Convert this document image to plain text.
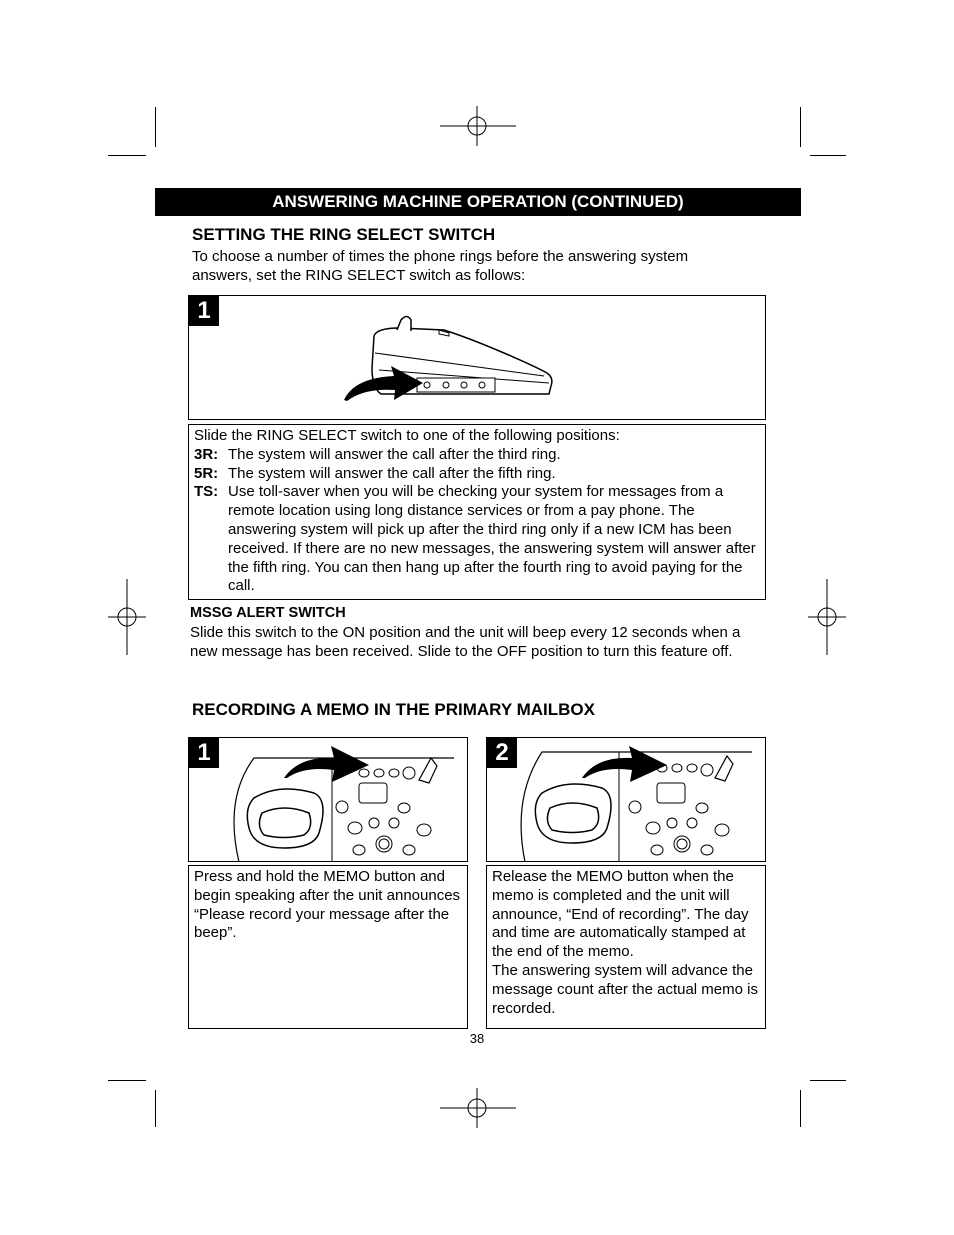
ANSWERING MACHINE OPERATION (CONTINUED)
SETTING THE RING SELECT SWITCH
To choose a number of times the phone rings before the answering system
answers, set the RING SELECT switch as follows:
1
Slide the RING SELECT switch to one of the following positions:
3R: The system will answer the call after the third ring.
5R: The system will answer the call after the fifth ring.
TS: Use toll-saver when you will be checking your system for messages from a remote location using long distance services or from a pay phone. The answering system will pick up after the third ring only if a new ICM has been received. If there are no new messages, the answering system will answer after the fifth ring. You can then hang up after the fourth ring to avoid paying for the call.
MSSG ALERT SWITCH
Slide this switch to the ON position and the unit will beep every 12 seconds when a
new message has been received. Slide to the OFF position to turn this feature off.
RECORDING A MEMO IN THE PRIMARY MAILBOX
1	2
Press and hold the MEMO button and begin speaking after the unit announces “Please record your message after the beep”.
Release the MEMO button when the memo is completed and the unit will announce, “End of recording”. The day and time are automatically stamped at the end of the memo.
The answering system will advance the message count after the actual memo is recorded.
38
